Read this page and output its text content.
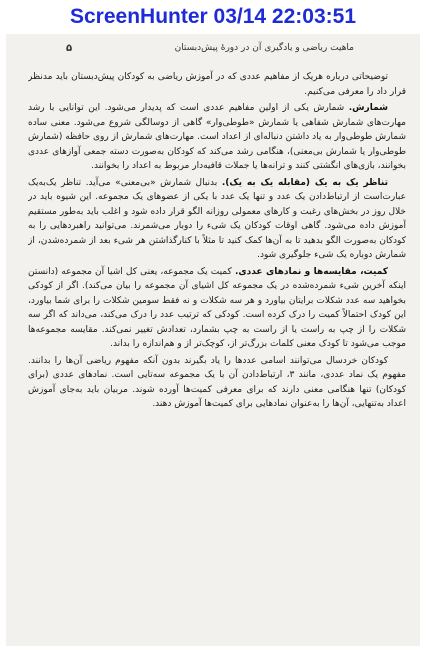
ScreenHunter 03/14 22:03:51
ماهیت ریاضی و یادگیری آن در دورهٔ پیش‌دبستان
۵

توضیحاتی درباره هریک از مفاهیم عددی که در آموزش ریاضی به کودکان پیش‌دبستان باید مدنظر قرار داد را معرفی می‌کنیم.

شمارش. شمارش یکی از اولین مفاهیم عددی است که پدیدار می‌شود. این توانایی با رشد مهارت‌های شمارش شفاهی یا شمارش «طوطی‌وار» گاهی از دوسالگی شروع می‌شود. معنی ساده شمارش طوطی‌وار به یاد داشتن دنباله‌ای از اعداد است. مهارت‌های شمارش از روی حافظه (شمارش طوطی‌وار یا شمارش بی‌معنی)، هنگامی رشد می‌کند که کودکان به‌صورت دسته جمعی آوازهای عددی بخوانند، بازی‌های انگشتی کنند و ترانه‌ها یا جملات قافیه‌دار مربوط به اعداد را بخوانند.

تناظر یک به یک (مقابله یک به یک). بدنبال شمارش «بی‌معنی» می‌آید. تناظر یک‌به‌یک عبارت‌است از ارتباط‌دادن یک عدد و تنها یک عدد با یکی از عضوهای یک مجموعه. این شیوه باید در خلال روز در بخش‌های رغبت و کارهای معمولی روزانه الگو قرار داده شود و اغلب باید به‌طور مستقیم آموزش داده می‌شود. گاهی اوقات کودکان یک شیء را دوبار می‌شمرند. می‌توانید راهبردهایی را به کودکان به‌صورت الگو بدهید تا به آن‌ها کمک کنید تا مثلاً با کنارگذاشتن هر شیء بعد از شمرده‌شدن، از شمارش دوباره یک شیء جلوگیری شود.

کمیت، مقایسه‌ها و نمادهای عددی. کمیت یک مجموعه، یعنی کل اشیا آن مجموعه (دانستن اینکه آخرین شیء شمرده‌شده در یک مجموعه کل اشیای آن مجموعه را بیان می‌کند). اگر از کودکی بخواهید سه عدد شکلات برایتان بیاورد و هر سه شکلات و نه فقط سومین شکلات را برای شما بیاورد، این کودک احتمالاً کمیت را درک کرده است. کودکی که ترتیب عدد را درک می‌کند، می‌داند که اگر سه شکلات را از چپ به راست یا از راست به چپ بشمارد، تعدادش تغییر نمی‌کند. مقایسه مجموعه‌ها موجب می‌شود تا کودک معنی کلمات بزرگ‌تر از، کوچک‌تر از و هم‌اندازه را بداند.

کودکان خردسال می‌توانند اسامی عددها را یاد بگیرند بدون آنکه مفهوم ریاضی آن‌ها را بدانند. مفهوم یک نماد عددی، مانند ۳، ارتباط‌دادن آن با یک مجموعه سه‌تایی است. نمادهای عددی (برای کودکان) تنها هنگامی معنی دارند که برای معرفی کمیت‌ها آورده شوند. مربیان باید به‌جای آموزش اعداد به‌تنهایی، آن‌ها را به‌عنوان نمادهایی برای کمیت‌ها آموزش دهند.
